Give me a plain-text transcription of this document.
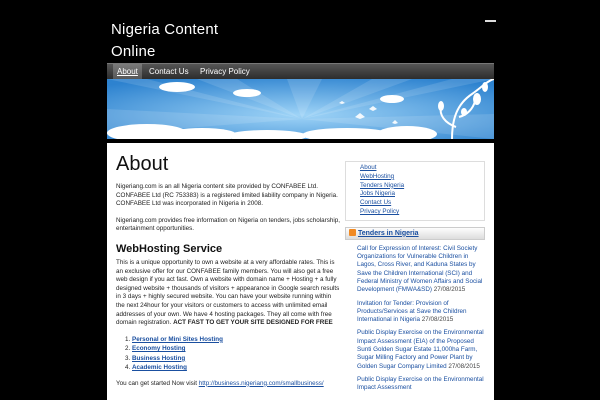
Nigeria Content
Online
About	Contact Us	Privacy Policy
About

Nigeriang.com is an all Nigeria content site provided by CONFABEE Ltd. CONFABEE Ltd (RC 753383) is a registered limited liability company in Nigeria. CONFABEE Ltd was incorporated in Nigeria in 2008.

Nigeriang.com provides free information on Nigeria on tenders, jobs scholarship, entertainment opportunities.

WebHosting Service
This is a unique opportunity to own a website at a very affordable rates. This is an exclusive offer for our CONFABEE family members. You will also get a free web design if you act fast. Own a website with domain name + Hosting + a fully designed website + thousands of visitors + appearance in Google search results in 3 days + highly secured website. You can have your website running within the next 24hour for your visitors or customers to access with unlimited email addresses of your own. We have 4 hosting packages. They all come with free domain registration. ACT FAST TO GET YOUR SITE DESIGNED FOR FREE
1. Personal or Mini Sites Hosting
2. Economy Hosting
3. Business Hosting
4. Academic Hosting
You can get started Now visit http://business.nigeriang.com/smallbusiness/
About
WebHosting
Tenders Nigeria
Jobs Nigeria
Contact Us
Privacy Policy
Tenders in Nigeria
Call for Expression of Interest: Civil Society Organizations for Vulnerable Children in Lagos, Cross River, and Kaduna States by Save the Children International (SCI) and Federal Ministry of Women Affairs and Social Development (FMWA&SD) 27/08/2015
Invitation for Tender: Provision of Products/Services at Save the Children International in Nigeria 27/08/2015
Public Display Exercise on the Environmental Impact Assessment (EIA) of the Proposed Sunti Golden Sugar Estate 11,000ha Farm, Sugar Milling Factory and Power Plant by Golden Sugar Company Limited 27/08/2015
Public Display Exercise on the Environmental Impact Assessment
